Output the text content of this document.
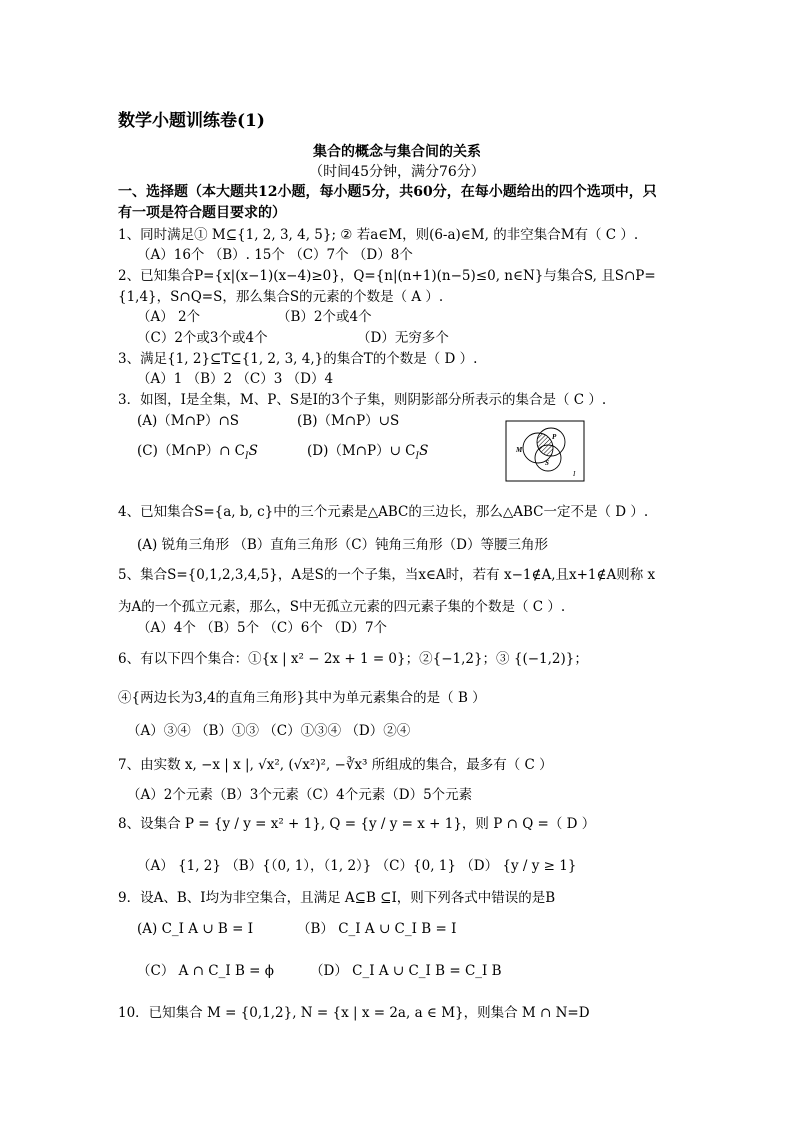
数学小题训练卷(1)
集合的概念与集合间的关系
（时间45分钟，满分76分）
一、选择题（本大题共12小题，每小题5分，共60分，在每小题给出的四个选项中，只
有一项是符合题目要求的）
1、同时满足① M⊆{1, 2, 3, 4, 5}; ② 若a∈M，则(6-a)∈M, 的非空集合M有（ C ）.
（A）16个 （B）. 15个 （C）7个 （D）8个
2、已知集合P={x|(x−1)(x−4)≥0}，Q={n|(n+1)(n−5)≤0, n∈N}与集合S, 且S∩P=
{1,4}，S∩Q=S，那么集合S的元素的个数是（ A ）.
（A） 2个	（B）2个或4个
（C）2个或3个或4个	（D）无穷多个
3、满足{1, 2}⊆T⊆{1, 2, 3, 4,}的集合T的个数是（ D ）.
（A）1 （B）2 （C）3 （D）4
3．如图，I是全集，M、P、S是I的3个子集，则阴影部分所表示的集合是（ C ）.
(A)（M∩P）∩S	(B)（M∩P）∪S
(C)（M∩P）∩ $C_IS$	(D)（M∩P）∪ $C_IS$
P
M
S
I
4、已知集合S={a, b, c}中的三个元素是△ABC的三边长，那么△ABC一定不是（ D ）.
(A) 锐角三角形 （B）直角三角形（C）钝角三角形（D）等腰三角形
5、集合S={0,1,2,3,4,5}，A是S的一个子集，当x∈A时，若有 x−1∉A,且x+1∉A则称 x
为A的一个孤立元素，那么，S中无孤立元素的四元素子集的个数是（ C ）.
（A）4个 （B）5个 （C）6个 （D）7个
6、有以下四个集合：①{x | x² − 2x + 1 = 0}；②{−1,2}；③ {(−1,2)}；
④{两边长为3,4的直角三角形}其中为单元素集合的是（ B ）
（A）③④ （B）①③ （C）①③④ （D）②④
7、由实数 x, −x | x |, √x², (√x²)², −∛x³ 所组成的集合，最多有（ C ）
（A）2个元素（B）3个元素（C）4个元素（D）5个元素
8、设集合 P = {y / y = x² + 1}, Q = {y / y = x + 1}，则 P ∩ Q =（ D ）
（A） {1, 2} （B）{（0, 1），（1, 2）} （C）{0, 1} （D） {y / y ≥ 1}
9．设A、B、I均为非空集合，且满足 A⊆B ⊆I，则下列各式中错误的是B
(A) C_I A ∪ B = I	（B） C_I A ∪ C_I B = I
（C） A ∩ C_I B = ϕ	（D） C_I A ∪ C_I B = C_I B
10．已知集合 M = {0,1,2}, N = {x | x = 2a, a ∈ M}，则集合 M ∩ N=D
